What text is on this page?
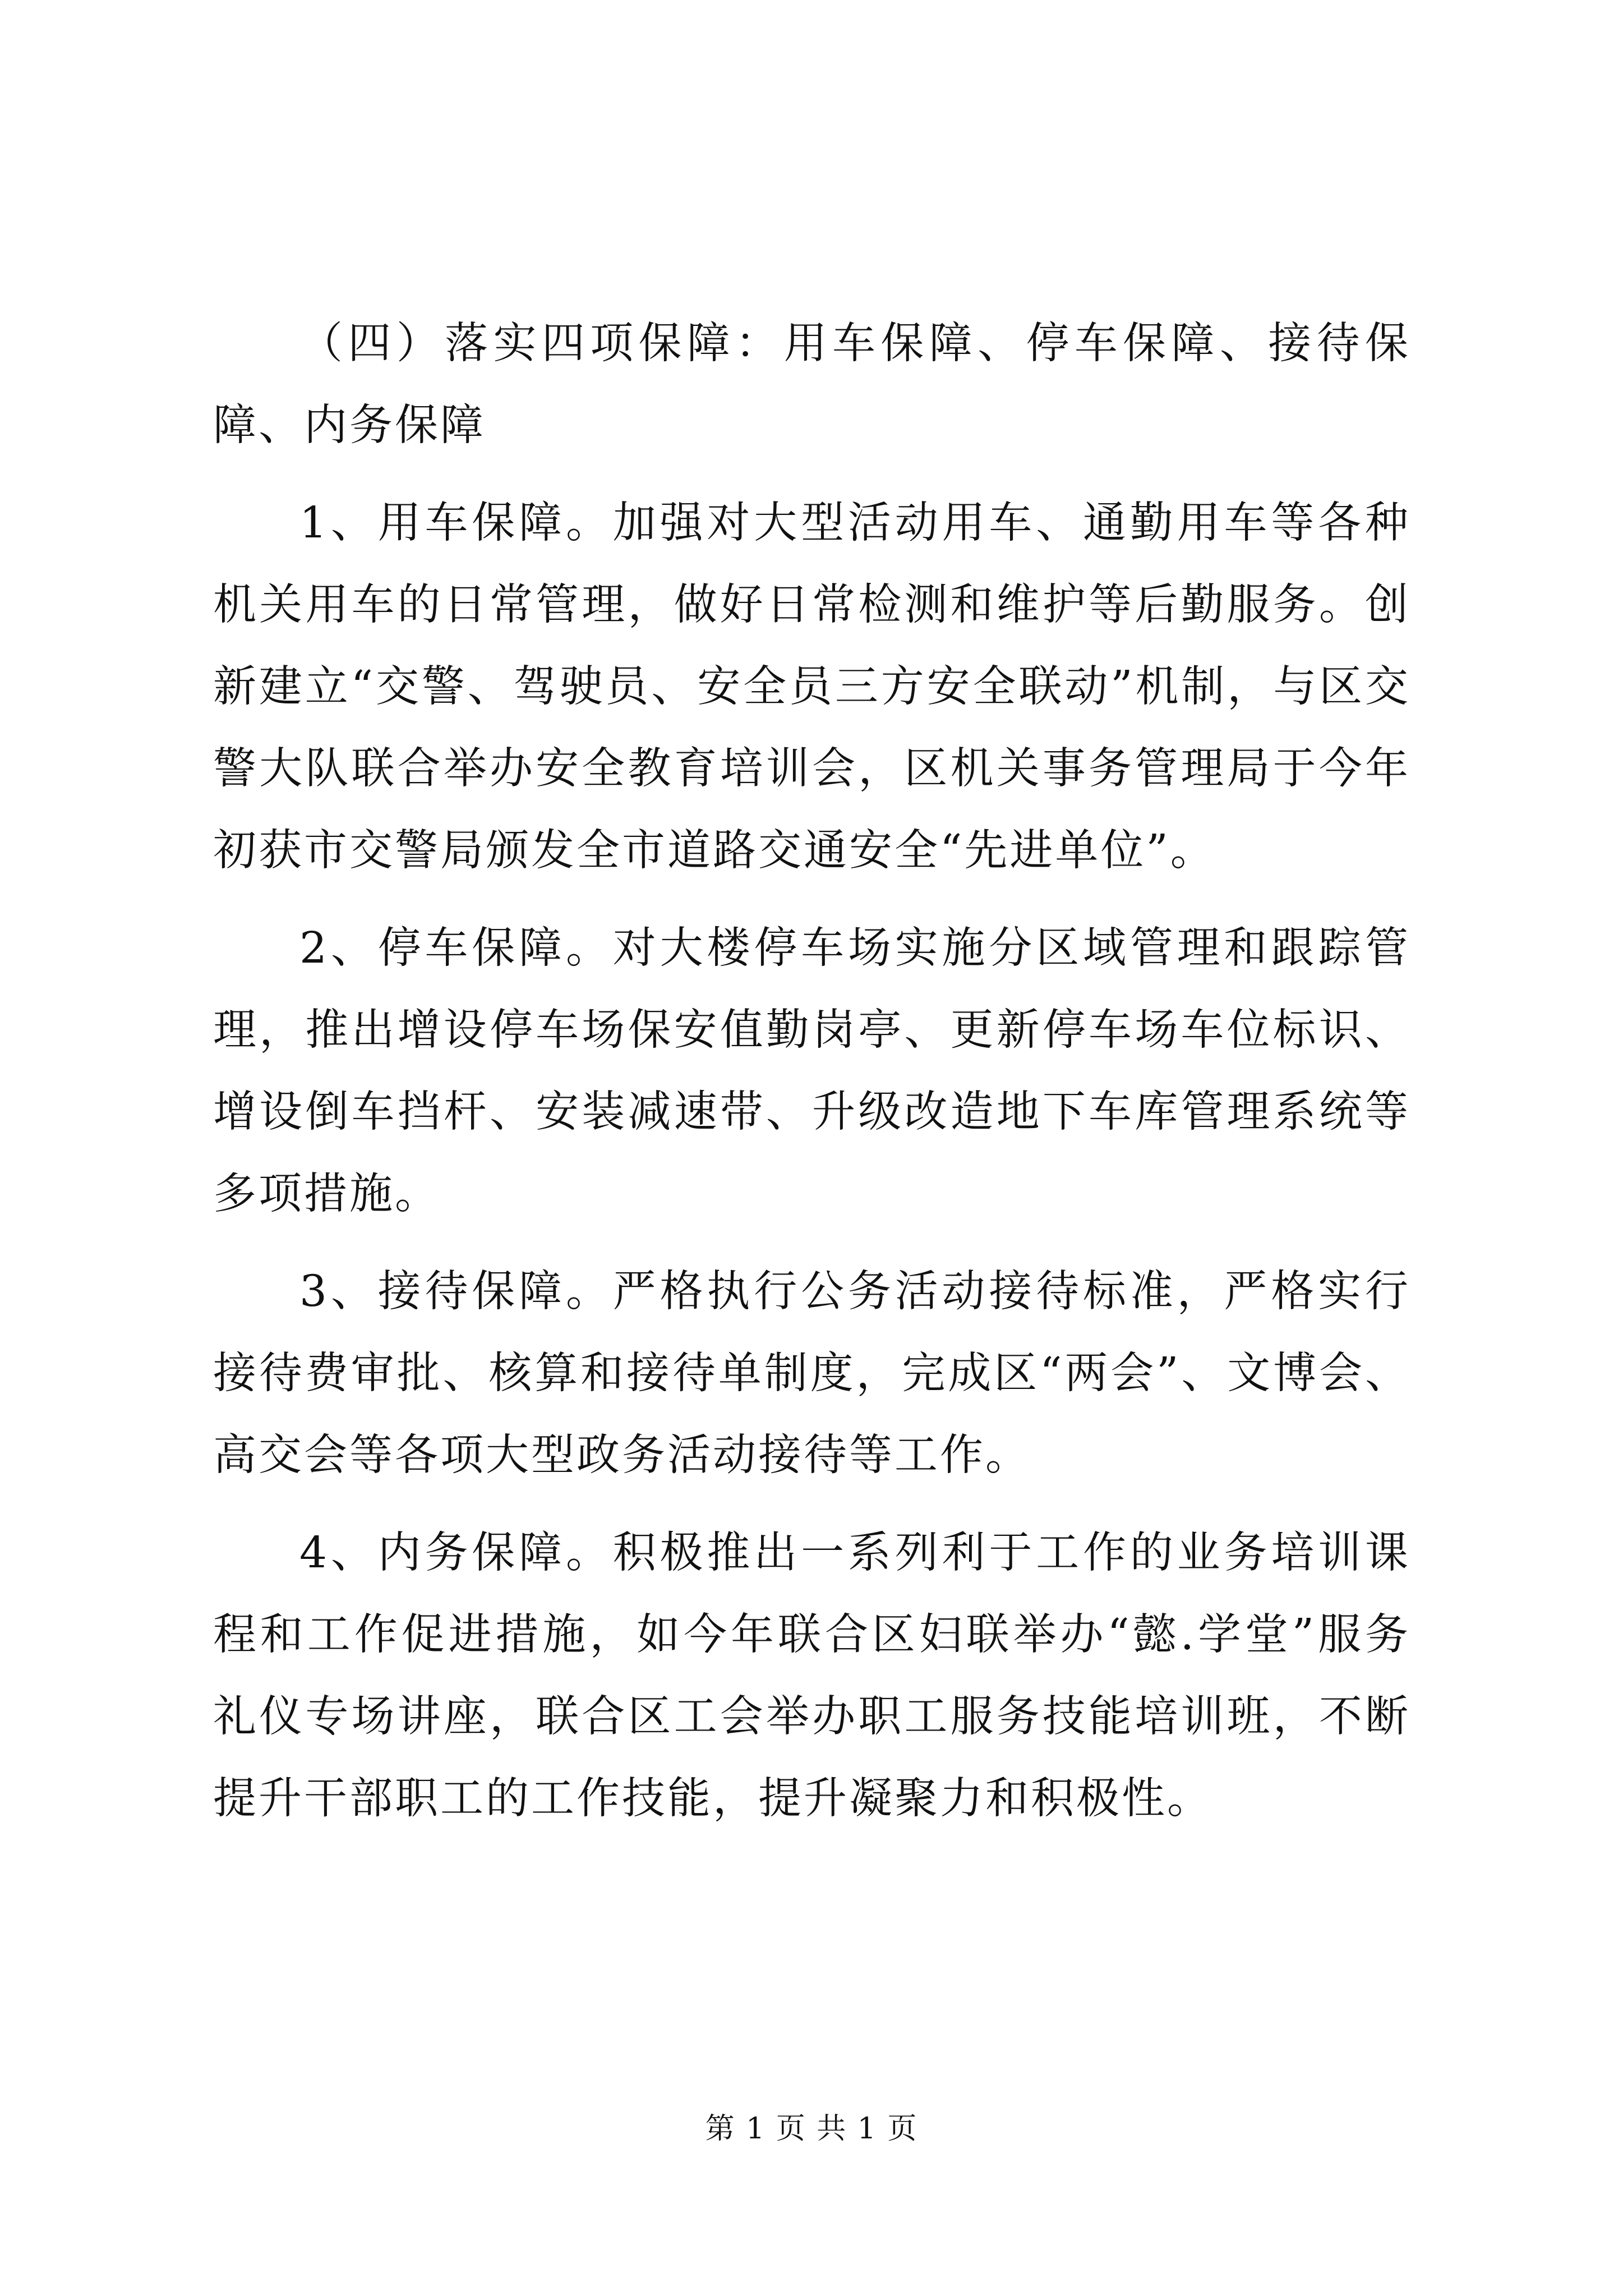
（四）落实四项保障：用车保障、停车保障、接待保障、内务保障

1、用车保障。加强对大型活动用车、通勤用车等各种机关用车的日常管理，做好日常检测和维护等后勤服务。创新建立“交警、驾驶员、安全员三方安全联动”机制，与区交警大队联合举办安全教育培训会，区机关事务管理局于今年初获市交警局颁发全市道路交通安全“先进单位”。

2、停车保障。对大楼停车场实施分区域管理和跟踪管理，推出增设停车场保安值勤岗亭、更新停车场车位标识、增设倒车挡杆、安装减速带、升级改造地下车库管理系统等多项措施。

3、接待保障。严格执行公务活动接待标准，严格实行接待费审批、核算和接待单制度，完成区“两会”、文博会、高交会等各项大型政务活动接待等工作。

4、内务保障。积极推出一系列利于工作的业务培训课程和工作促进措施，如今年联合区妇联举办“懿.学堂”服务礼仪专场讲座，联合区工会举办职工服务技能培训班，不断提升干部职工的工作技能，提升凝聚力和积极性。

第 1 页 共 1 页
